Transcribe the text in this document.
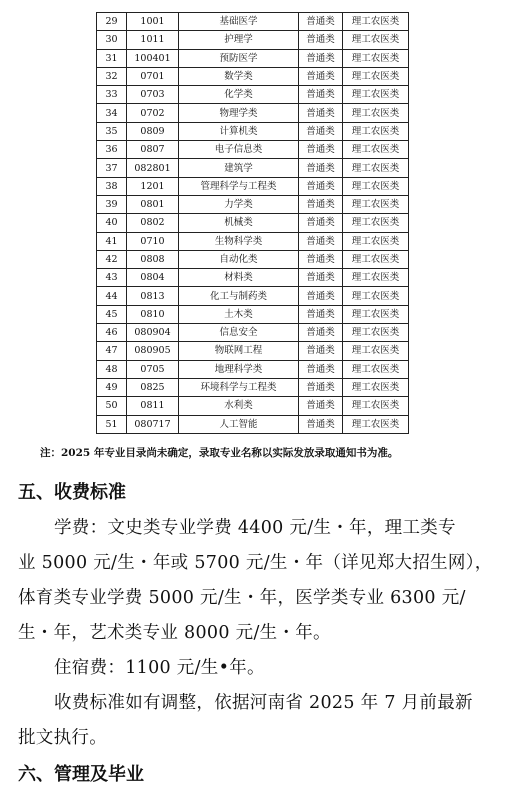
29	1001	基础医学	普通类	理工农医类
30	1011	护理学	普通类	理工农医类
31	100401	预防医学	普通类	理工农医类
32	0701	数学类	普通类	理工农医类
33	0703	化学类	普通类	理工农医类
34	0702	物理学类	普通类	理工农医类
35	0809	计算机类	普通类	理工农医类
36	0807	电子信息类	普通类	理工农医类
37	082801	建筑学	普通类	理工农医类
38	1201	管理科学与工程类	普通类	理工农医类
39	0801	力学类	普通类	理工农医类
40	0802	机械类	普通类	理工农医类
41	0710	生物科学类	普通类	理工农医类
42	0808	自动化类	普通类	理工农医类
43	0804	材料类	普通类	理工农医类
44	0813	化工与制药类	普通类	理工农医类
45	0810	土木类	普通类	理工农医类
46	080904	信息安全	普通类	理工农医类
47	080905	物联网工程	普通类	理工农医类
48	0705	地理科学类	普通类	理工农医类
49	0825	环境科学与工程类	普通类	理工农医类
50	0811	水利类	普通类	理工农医类
51	080717	人工智能	普通类	理工农医类
注：2025 年专业目录尚未确定，录取专业名称以实际发放录取通知书为准。
五、收费标准
学费：文史类专业学费 4400 元/生・年，理工类专
业 5000 元/生・年或 5700 元/生・年（详见郑大招生网），
体育类专业学费 5000 元/生・年，医学类专业 6300 元/
生・年，艺术类专业 8000 元/生・年。
住宿费：1100 元/生•年。
收费标准如有调整，依据河南省 2025 年 7 月前最新
批文执行。
六、管理及毕业
